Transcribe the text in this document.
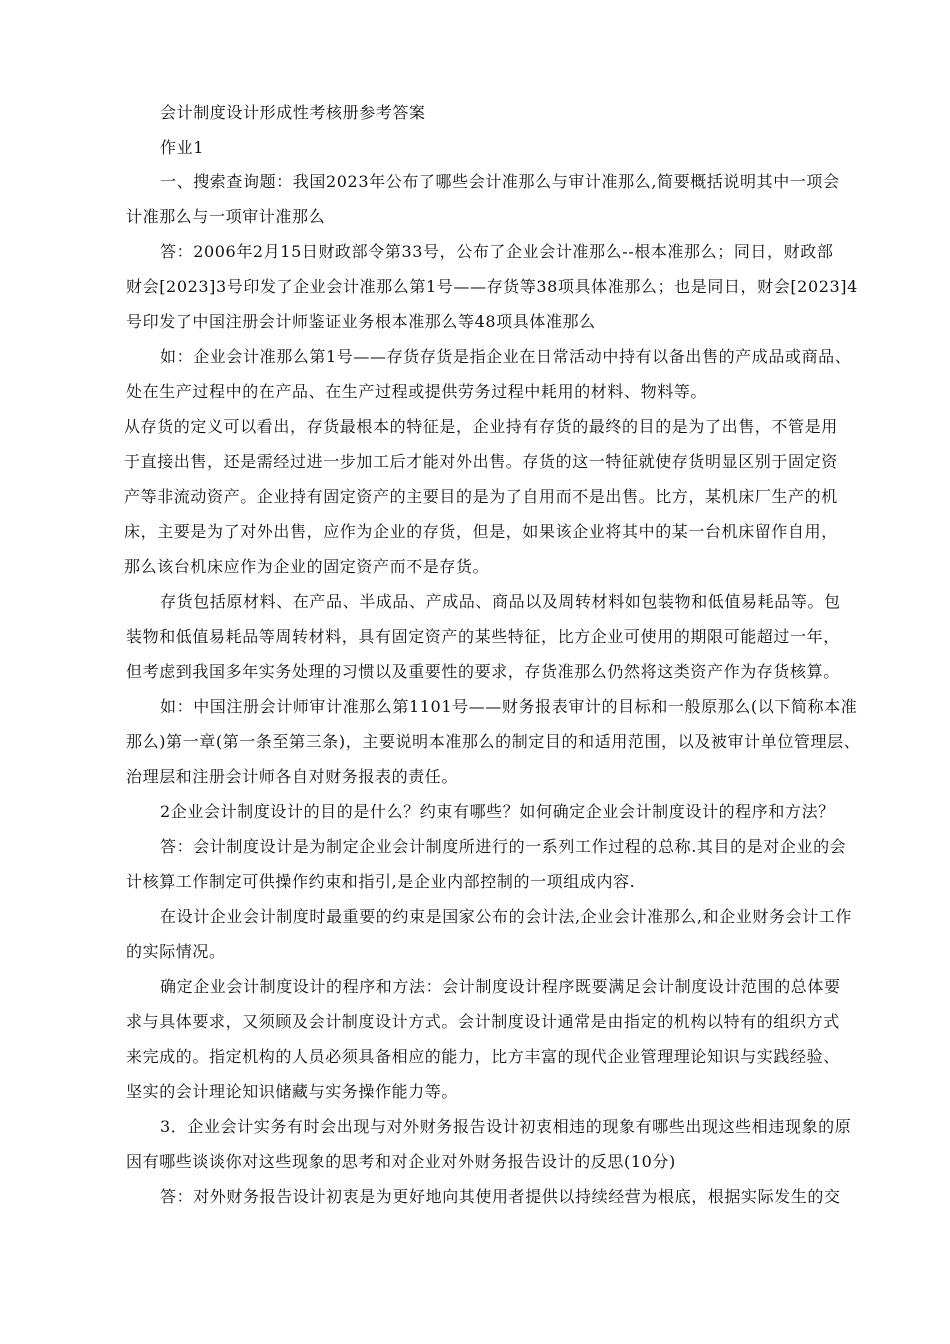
会计制度设计形成性考核册参考答案
作业1
一、搜索查询题：我国2023年公布了哪些会计准那么与审计准那么,简要概括说明其中一项会
计准那么与一项审计准那么
答：2006年2月15日财政部令第33号，公布了企业会计准那么--根本准那么；同日，财政部
财会[2023]3号印发了企业会计准那么第1号——存货等38项具体准那么；也是同日，财会[2023]4
号印发了中国注册会计师鉴证业务根本准那么等48项具体准那么
如：企业会计准那么第1号——存货存货是指企业在日常活动中持有以备出售的产成品或商品、
处在生产过程中的在产品、在生产过程或提供劳务过程中耗用的材料、物料等。
从存货的定义可以看出，存货最根本的特征是，企业持有存货的最终的目的是为了出售，不管是用
于直接出售，还是需经过进一步加工后才能对外出售。存货的这一特征就使存货明显区别于固定资
产等非流动资产。企业持有固定资产的主要目的是为了自用而不是出售。比方，某机床厂生产的机
床，主要是为了对外出售，应作为企业的存货，但是，如果该企业将其中的某一台机床留作自用，
那么该台机床应作为企业的固定资产而不是存货。
存货包括原材料、在产品、半成品、产成品、商品以及周转材料如包装物和低值易耗品等。包
装物和低值易耗品等周转材料，具有固定资产的某些特征，比方企业可使用的期限可能超过一年，
但考虑到我国多年实务处理的习惯以及重要性的要求，存货准那么仍然将这类资产作为存货核算。
如：中国注册会计师审计准那么第1101号——财务报表审计的目标和一般原那么(以下简称本准
那么)第一章(第一条至第三条)，主要说明本准那么的制定目的和适用范围，以及被审计单位管理层、
治理层和注册会计师各自对财务报表的责任。
2企业会计制度设计的目的是什么？约束有哪些？如何确定企业会计制度设计的程序和方法？
答：会计制度设计是为制定企业会计制度所进行的一系列工作过程的总称.其目的是对企业的会
计核算工作制定可供操作约束和指引,是企业内部控制的一项组成内容.
在设计企业会计制度时最重要的约束是国家公布的会计法,企业会计准那么,和企业财务会计工作
的实际情况。
确定企业会计制度设计的程序和方法：会计制度设计程序既要满足会计制度设计范围的总体要
求与具体要求，又须顾及会计制度设计方式。会计制度设计通常是由指定的机构以特有的组织方式
来完成的。指定机构的人员必须具备相应的能力，比方丰富的现代企业管理理论知识与实践经验、
坚实的会计理论知识储藏与实务操作能力等。
3．企业会计实务有时会出现与对外财务报告设计初衷相违的现象有哪些出现这些相违现象的原
因有哪些谈谈你对这些现象的思考和对企业对外财务报告设计的反思(10分)
答：对外财务报告设计初衷是为更好地向其使用者提供以持续经营为根底，根据实际发生的交
